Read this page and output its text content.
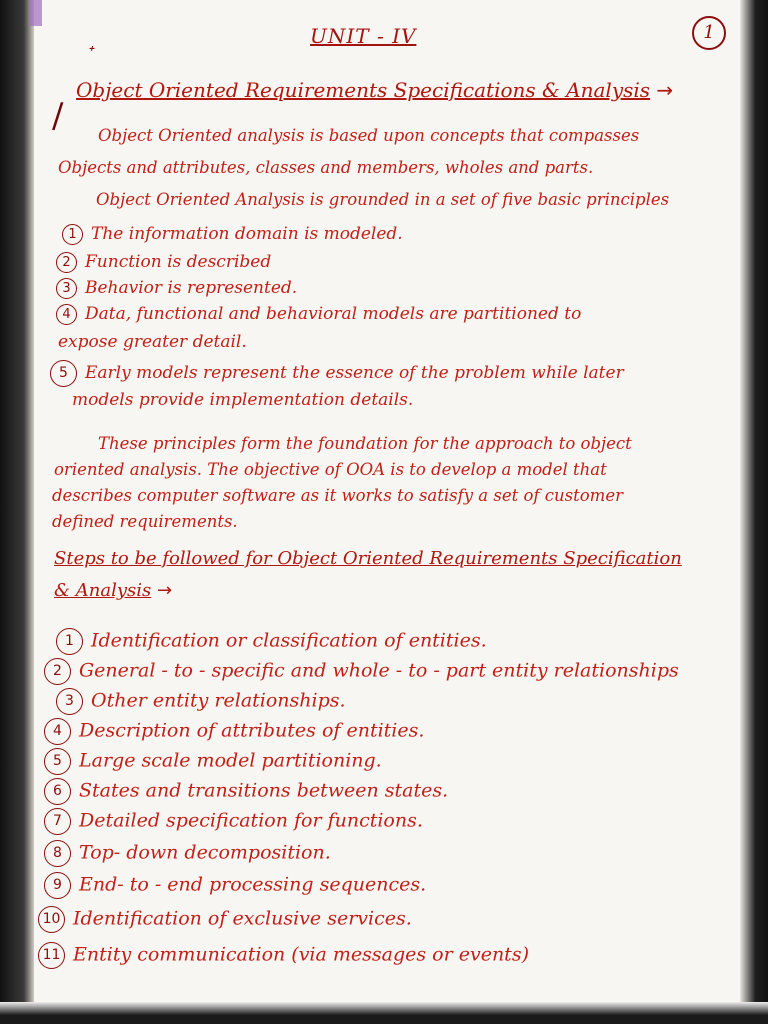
UNIT - IV	1
ᐩ
Object Oriented Requirements Specifications & Analysis →
/ Object Oriented analysis is based upon concepts that compasses
Objects and attributes, classes and members, wholes and parts.
Object Oriented Analysis is grounded in a set of five basic principles
1 The information domain is modeled.
2 Function is described
3 Behavior is represented.
4 Data, functional and behavioral models are partitioned to
expose greater detail.
5 Early models represent the essence of the problem while later
models provide implementation details.
These principles form the foundation for the approach to object
oriented analysis. The objective of OOA is to develop a model that
describes computer software as it works to satisfy a set of customer
defined requirements.
Steps to be followed for Object Oriented Requirements Specification
& Analysis →
1 Identification or classification of entities.
2 General - to - specific and whole - to - part entity relationships
3 Other entity relationships.
4 Description of attributes of entities.
5 Large scale model partitioning.
6 States and transitions between states.
7 Detailed specification for functions.
8 Top- down decomposition.
9 End- to - end processing sequences.
10 Identification of exclusive services.
11 Entity communication (via messages or events)
